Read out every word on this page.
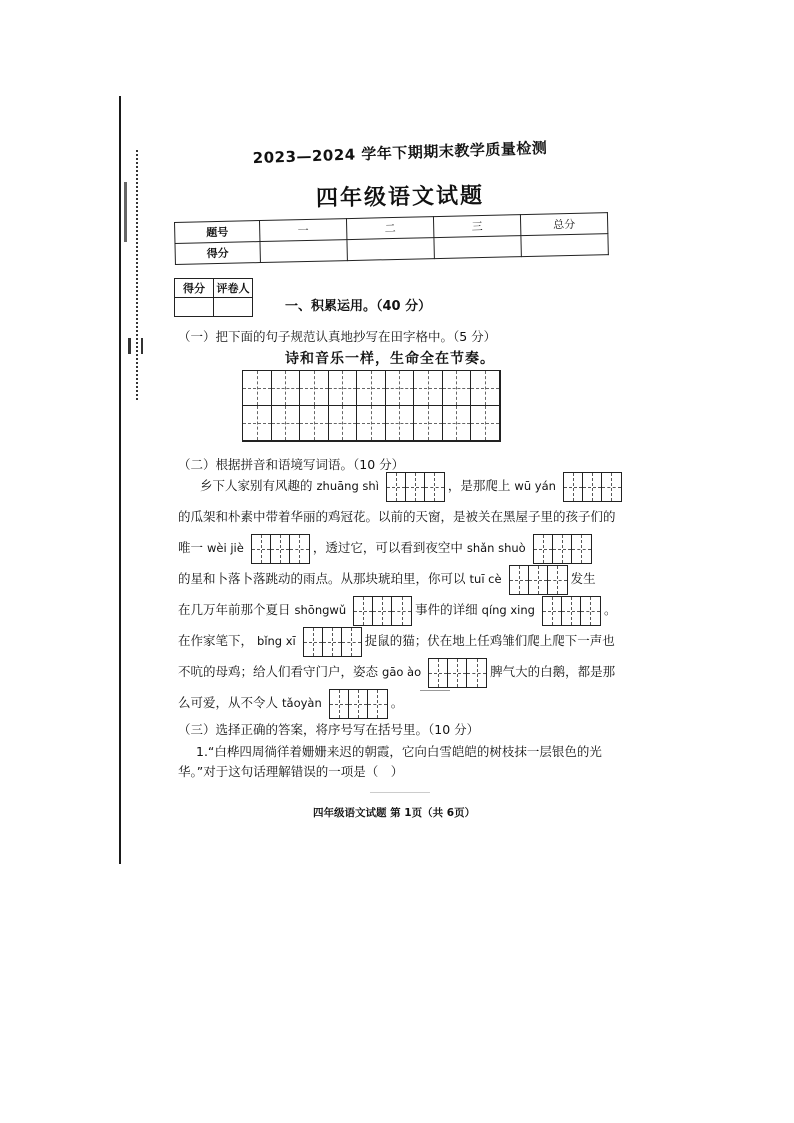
2023—2024 学年下期期末教学质量检测
四年级语文试题
题号	一	二	三	总分
得分				
得分	评卷人

一、积累运用。（40 分）
（一）把下面的句子规范认真地抄写在田字格中。（5 分）
诗和音乐一样，生命全在节奏。
（二）根据拼音和语境写词语。（10 分）
乡下人家别有风趣的 zhuāng shì	，是那爬上 wū yán
的瓜架和朴素中带着华丽的鸡冠花。以前的天窗，是被关在黑屋子里的孩子们的
唯一 wèi jiè	，透过它，可以看到夜空中 shǎn shuò
的星和卜落卜落跳动的雨点。从那块琥珀里，你可以 tuī cè	发生
在几万年前那个夏日 shōngwǔ	事件的详细 qíng xing	。
在作家笔下， bǐng xī	捉鼠的猫；伏在地上任鸡雏们爬上爬下一声也
不吭的母鸡；给人们看守门户，姿态 gāo ào	脾气大的白鹅，都是那
么可爱，从不令人 tǎoyàn	。
（三）选择正确的答案，将序号写在括号里。（10 分）
1.“白桦四周徜徉着姗姗来迟的朝霞，它向白雪皑皑的树枝抹一层银色的光
华。”对于这句话理解错误的一项是（　）
四年级语文试题 第 1页（共 6页）
